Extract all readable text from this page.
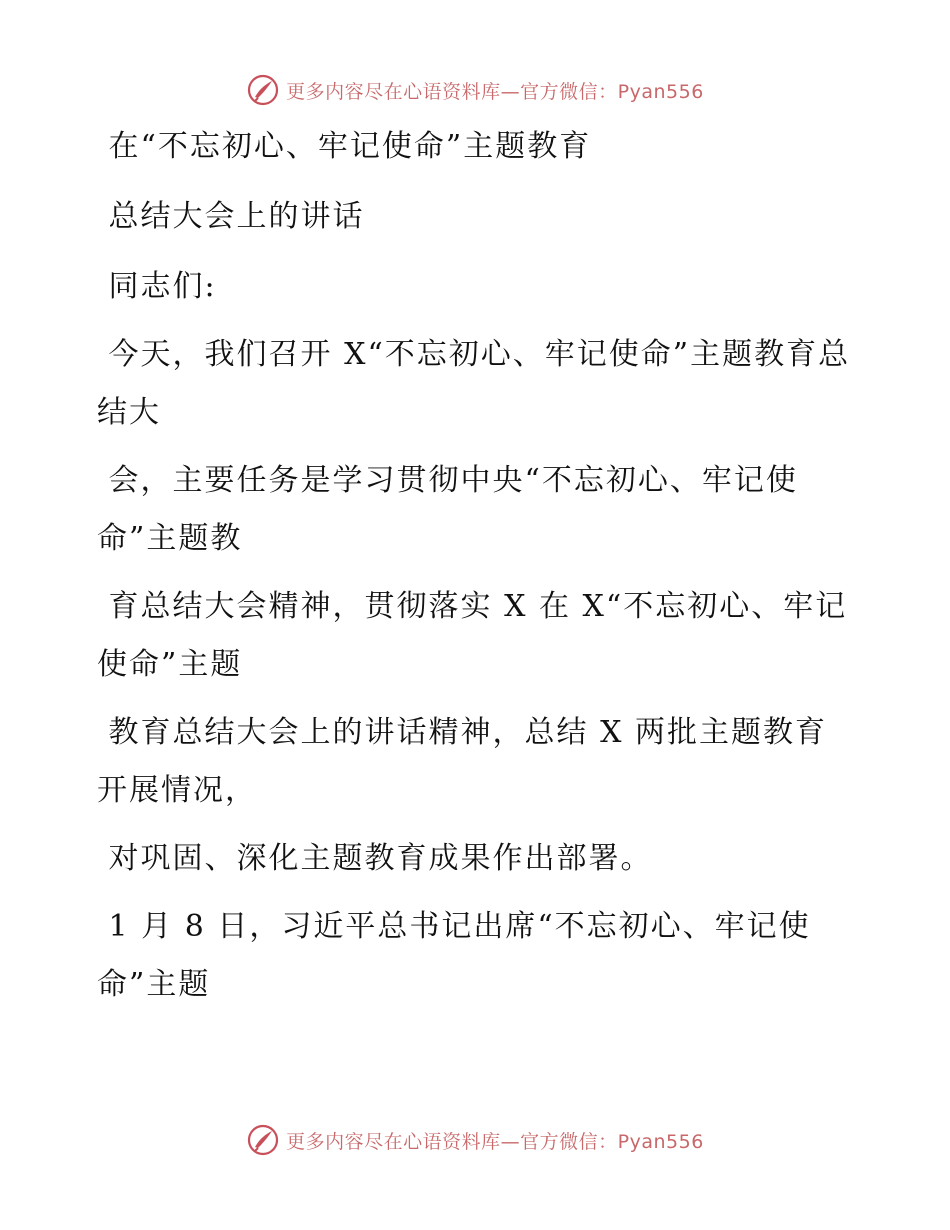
更多内容尽在心语资料库—官方微信：Pyan556

在“不忘初心、牢记使命”主题教育

总结大会上的讲话

同志们:

今天，我们召开 X“不忘初心、牢记使命”主题教育总结大

会，主要任务是学习贯彻中央“不忘初心、牢记使命”主题教

育总结大会精神，贯彻落实 X 在 X“不忘初心、牢记使命”主题

教育总结大会上的讲话精神，总结 X 两批主题教育开展情况，

对巩固、深化主题教育成果作出部署。

1 月 8 日，习近平总书记出席“不忘初心、牢记使命”主题

更多内容尽在心语资料库—官方微信：Pyan556
